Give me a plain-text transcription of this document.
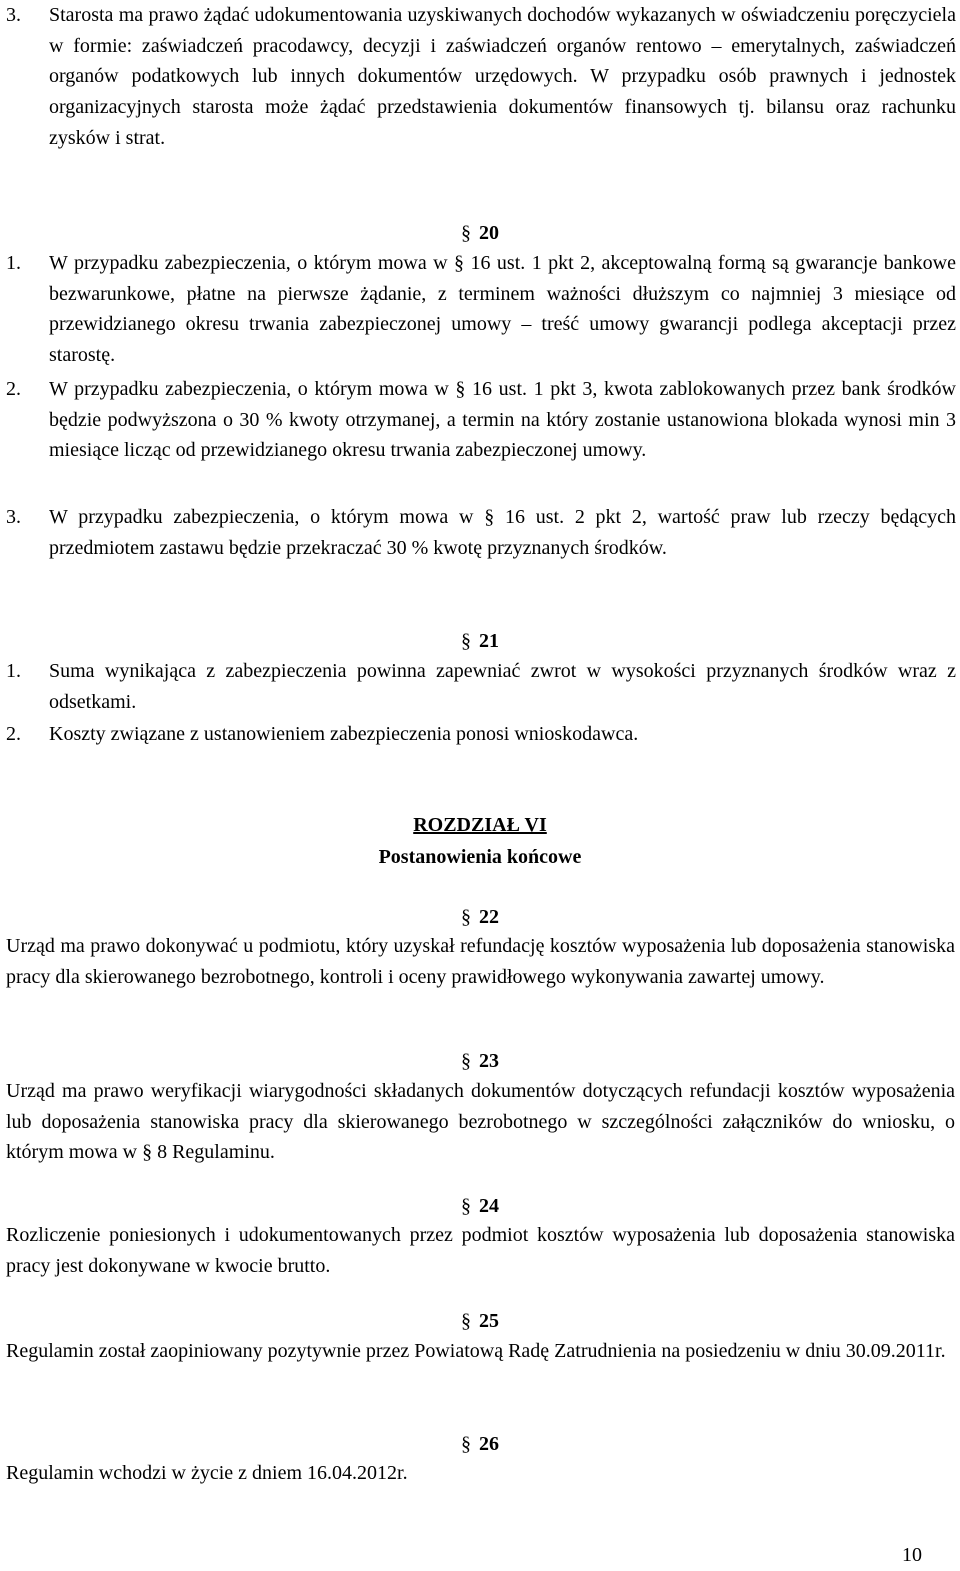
3. Starosta ma prawo żądać udokumentowania uzyskiwanych dochodów wykazanych w oświadczeniu poręczyciela w formie: zaświadczeń pracodawcy, decyzji i zaświadczeń organów rentowo – emerytalnych, zaświadczeń organów podatkowych lub innych dokumentów urzędowych. W przypadku osób prawnych i jednostek organizacyjnych starosta może żądać przedstawienia dokumentów finansowych tj. bilansu oraz rachunku zysków i strat.
§ 20
1. W przypadku zabezpieczenia, o którym mowa w § 16 ust. 1 pkt 2, akceptowalną formą są gwarancje bankowe bezwarunkowe, płatne na pierwsze żądanie, z terminem ważności dłuższym co najmniej 3 miesiące od przewidzianego okresu trwania zabezpieczonej umowy – treść umowy gwarancji podlega akceptacji przez starostę.
2. W przypadku zabezpieczenia, o którym mowa w § 16 ust. 1 pkt 3, kwota zablokowanych przez bank środków będzie podwyższona o 30 % kwoty otrzymanej, a termin na który zostanie ustanowiona blokada wynosi min 3 miesiące licząc od przewidzianego okresu trwania zabezpieczonej umowy.
3. W przypadku zabezpieczenia, o którym mowa w § 16 ust. 2 pkt 2, wartość praw lub rzeczy będących przedmiotem zastawu będzie przekraczać 30 % kwotę przyznanych środków.
§ 21
1. Suma wynikająca z zabezpieczenia powinna zapewniać zwrot w wysokości przyznanych środków wraz z odsetkami.
2. Koszty związane z ustanowieniem zabezpieczenia ponosi wnioskodawca.
ROZDZIAŁ VI
Postanowienia końcowe
§ 22
Urząd ma prawo dokonywać u podmiotu, który uzyskał refundację kosztów wyposażenia lub doposażenia stanowiska pracy dla skierowanego bezrobotnego, kontroli i oceny prawidłowego wykonywania zawartej umowy.
§ 23
Urząd ma prawo weryfikacji wiarygodności składanych dokumentów dotyczących refundacji kosztów wyposażenia lub doposażenia stanowiska pracy dla skierowanego bezrobotnego w szczególności załączników do wniosku, o którym mowa w § 8 Regulaminu.
§ 24
Rozliczenie poniesionych i udokumentowanych przez podmiot kosztów wyposażenia lub doposażenia stanowiska pracy jest dokonywane w kwocie brutto.
§ 25
Regulamin został zaopiniowany pozytywnie przez Powiatową Radę Zatrudnienia na posiedzeniu w dniu 30.09.2011r.
§ 26
Regulamin wchodzi w życie z dniem 16.04.2012r.
10
